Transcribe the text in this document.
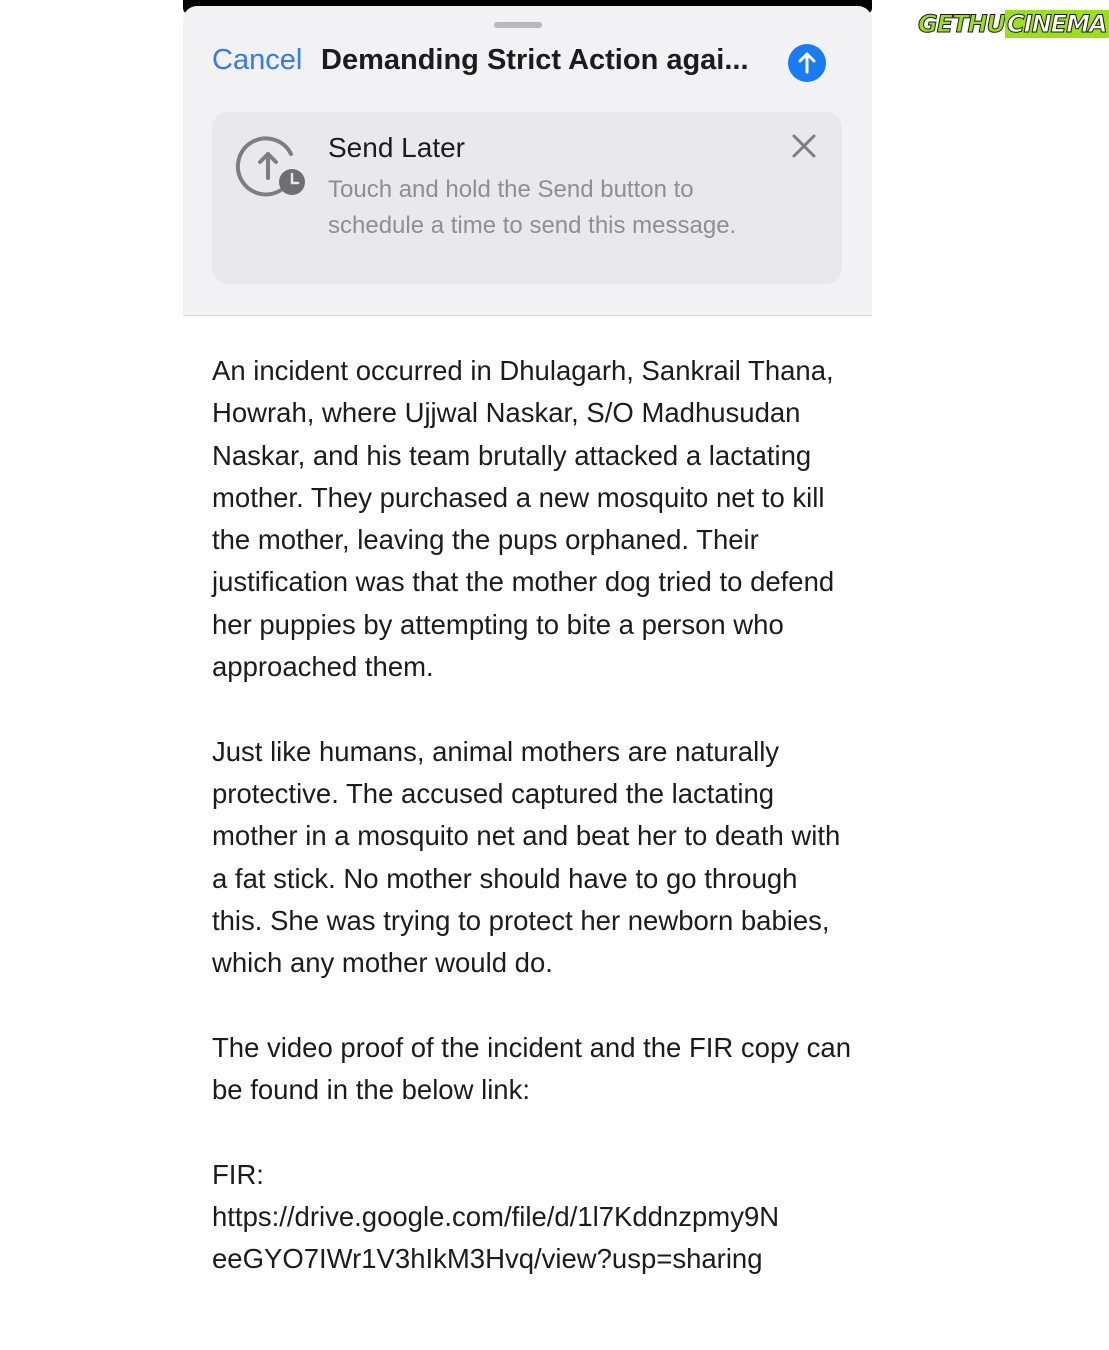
Cancel Demanding Strict Action agai...
Send Later
Touch and hold the Send button to schedule a time to send this message.

An incident occurred in Dhulagarh, Sankrail Thana, Howrah, where Ujjwal Naskar, S/O Madhusudan Naskar, and his team brutally attacked a lactating mother. They purchased a new mosquito net to kill the mother, leaving the pups orphaned. Their justification was that the mother dog tried to defend her puppies by attempting to bite a person who approached them.

Just like humans, animal mothers are naturally protective. The accused captured the lactating mother in a mosquito net and beat her to death with a fat stick. No mother should have to go through this. She was trying to protect her newborn babies, which any mother would do.

The video proof of the incident and the FIR copy can be found in the below link:

FIR:
https://drive.google.com/file/d/1l7Kddnzpmy9N
eeGYO7IWr1V3hIkM3Hvq/view?usp=sharing
GETHUCINEMA
